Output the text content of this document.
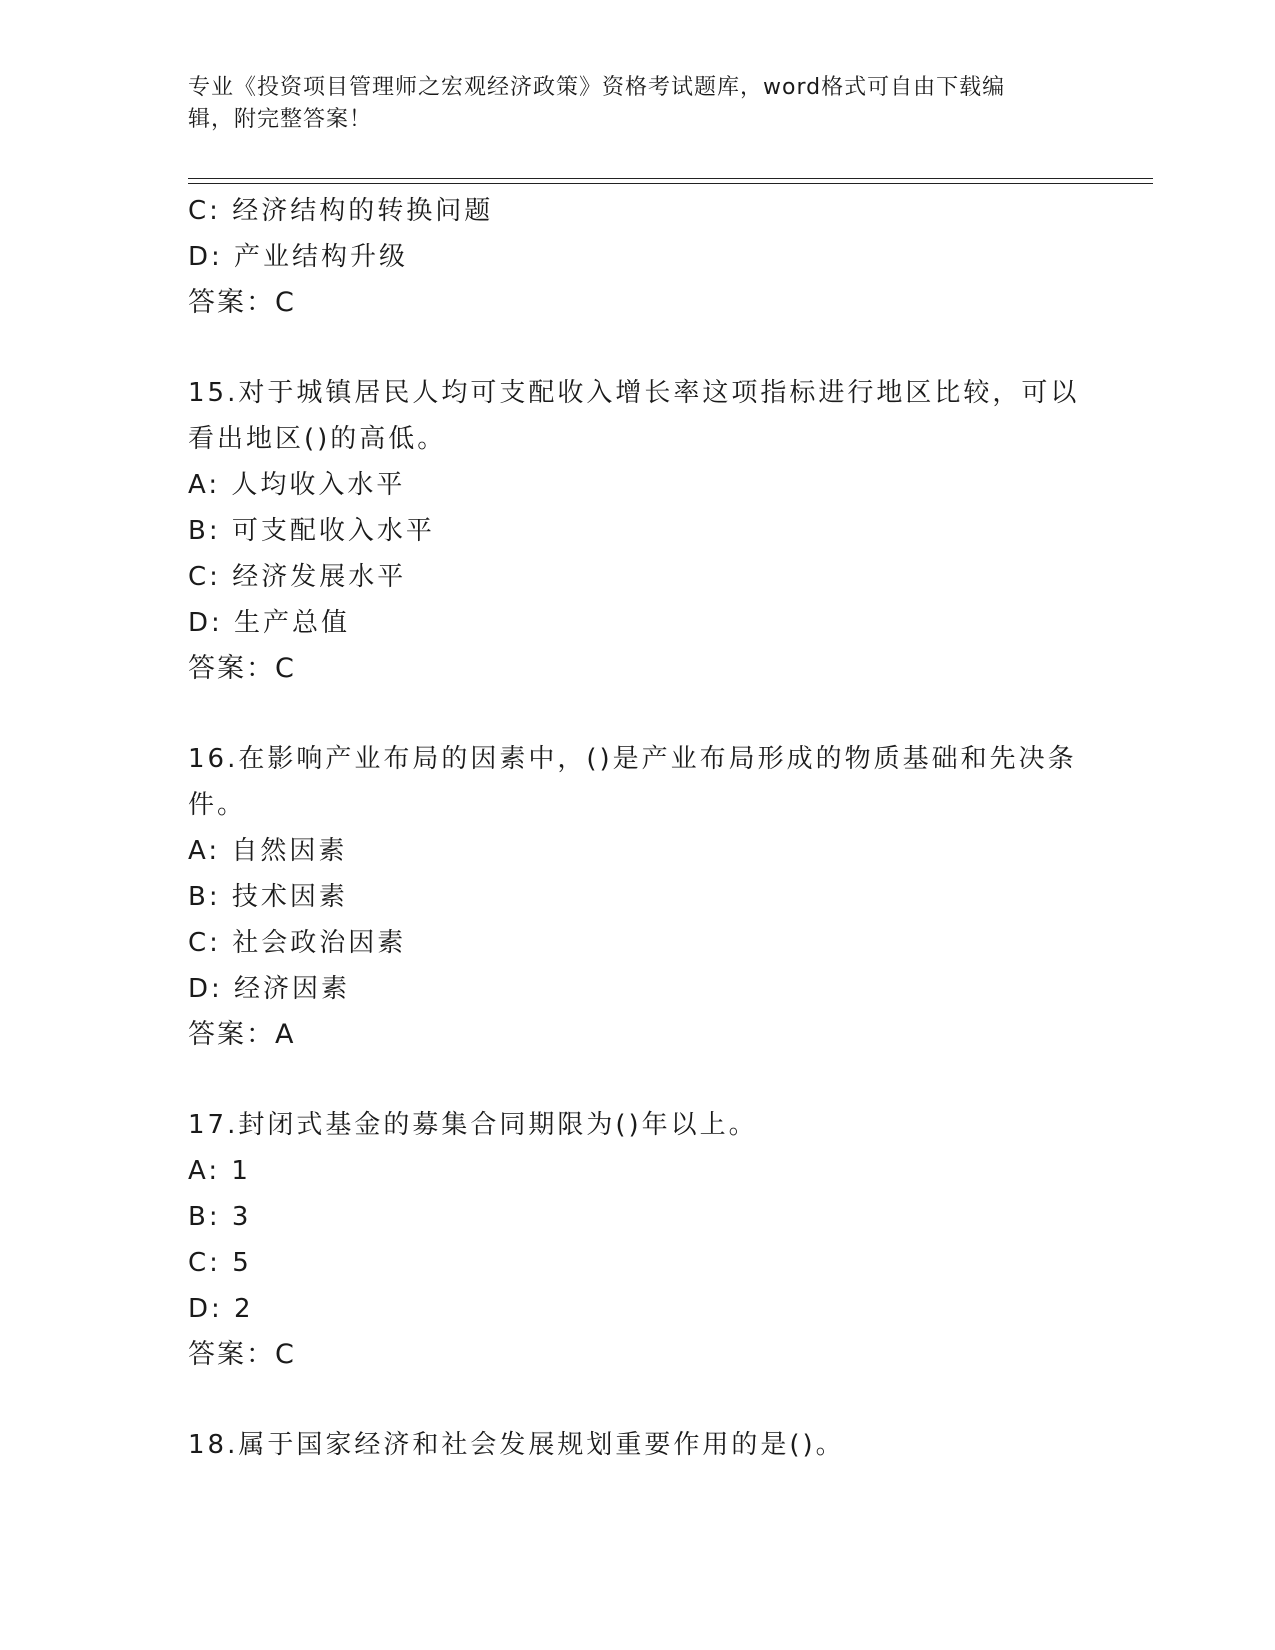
专业《投资项目管理师之宏观经济政策》资格考试题库，word格式可自由下载编
辑，附完整答案！
C: 经济结构的转换问题
D: 产业结构升级
答案：C
15.对于城镇居民人均可支配收入增长率这项指标进行地区比较，可以
看出地区()的高低。
A: 人均收入水平
B: 可支配收入水平
C: 经济发展水平
D: 生产总值
答案：C
16.在影响产业布局的因素中，()是产业布局形成的物质基础和先决条
件。
A: 自然因素
B: 技术因素
C: 社会政治因素
D: 经济因素
答案：A
17.封闭式基金的募集合同期限为()年以上。
A: 1
B: 3
C: 5
D: 2
答案：C
18.属于国家经济和社会发展规划重要作用的是()。
